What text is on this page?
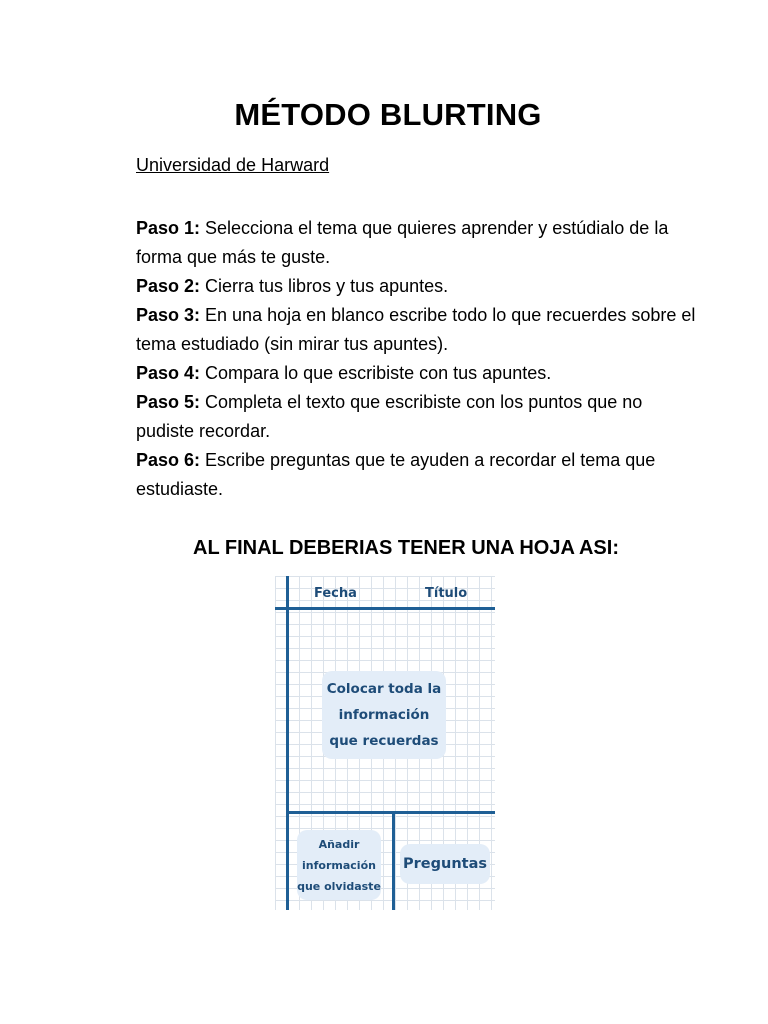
MÉTODO BLURTING
Universidad de Harward

Paso 1: Selecciona el tema que quieres aprender y estúdialo de la forma que más te guste.

Paso 2: Cierra tus libros y tus apuntes.

Paso 3: En una hoja en blanco escribe todo lo que recuerdes sobre el tema estudiado (sin mirar tus apuntes).

Paso 4: Compara lo que escribiste con tus apuntes.

Paso 5: Completa el texto que escribiste con los puntos que no pudiste recordar.

Paso 6: Escribe preguntas que te ayuden a recordar el tema que estudiaste.

AL FINAL DEBERIAS TENER UNA HOJA ASI:
Fecha	Título
Colocar toda la información que recuerdas
Añadir información que olvidaste
Preguntas
